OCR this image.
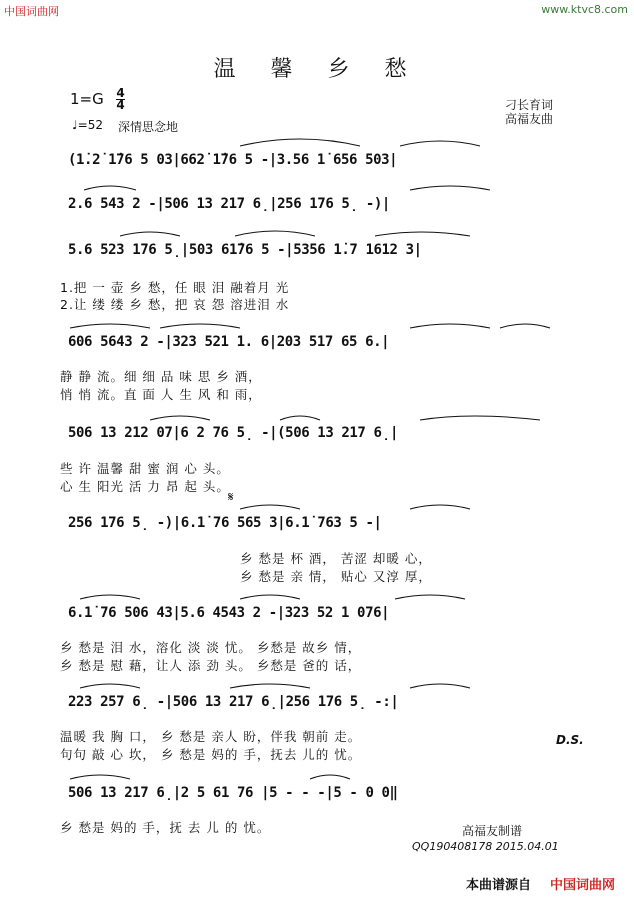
中国词曲网	www.ktvc8.com
温 馨 乡 愁
1=G 4
4
♩=52 深情思念地
刁长育词
高福友曲
(1̇.2̇ 1̇76 5 03|662̇ 1̇76 5 -|3.56 1̇ 656 503|
2.6 543 2 -|506 13 217 6̣|256 176 5̣ -)|
5.6 523 176 5̣|503 61̇76 5 -|5356 1̇.7 1612 3|
1.把 一 壶 乡 愁，任 眼 泪 融着月 光
2.让 缕 缕 乡 愁，把 哀 怨 溶进泪 水
606 5643 2 -|323 521 1. 6|203 517 65 6.|
静 静 流。细 细 品 味 思 乡 酒，
悄 悄 流。直 面 人 生 风 和 雨，
506 13 212 07|6 2 76 5̣ -|(506 13 217 6̣|
些 许 温馨 甜 蜜 润 心 头。
心 生 阳光 活 力 昂 起 头。
𝄋
256 176 5̣ -)|6.1̇ 76 565 3|6.1̇ 763 5 -|
乡 愁是 杯 酒， 苦涩 却暖 心，
乡 愁是 亲 情， 贴心 又淳 厚，
6.1̇ 76 506 43|5.6 4543 2 -|323 52 1 076|
乡 愁是 泪 水，溶化 淡 淡 忧。 乡愁是 故乡 情，
乡 愁是 慰 藉，让人 添 劲 头。 乡愁是 爸的 话，
223 257 6̣ -|506 13 217 6̣|256 176 5̣ -:|
温暖 我 胸 口， 乡 愁是 亲人 盼，伴我 朝前 走。
句句 敲 心 坎， 乡 愁是 妈的 手，抚去 儿的 忧。
D.S.
506 13 217 6̣|2 5 61 76 |5 - - -|5 - 0 0‖
乡 愁是 妈的 手，抚 去 儿 的 忧。	高福友制谱
QQ190408178 2015.04.01
本曲谱源自 中国词曲网
